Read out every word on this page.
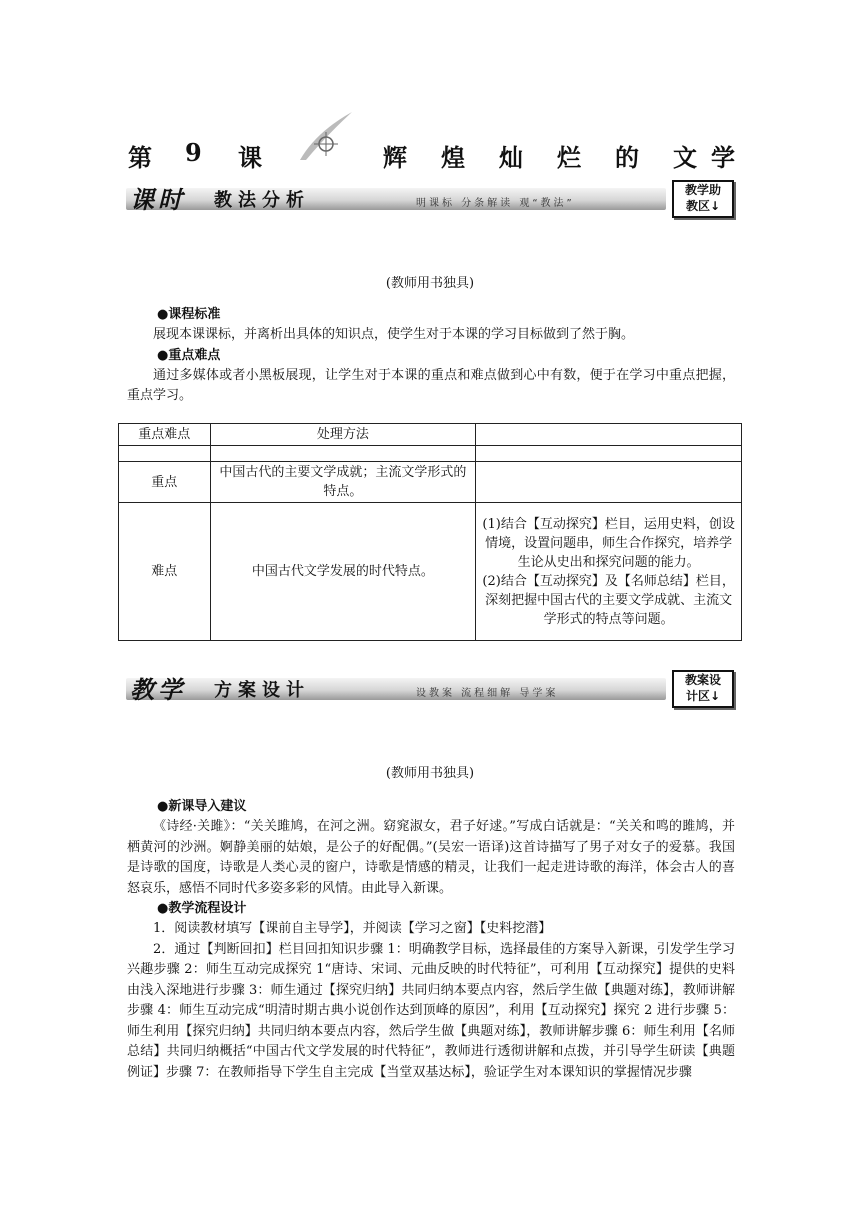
第 9 课	辉 煌 灿 烂 的 文 学
课时 教法分析	明课标 分条解读 观“教法”
教学助
教区↓
(教师用书独具)
●课程标准
展现本课课标，并离析出具体的知识点，使学生对于本课的学习目标做到了然于胸。
●重点难点
通过多媒体或者小黑板展现，让学生对于本课的重点和难点做到心中有数，便于在学习中重点把握，重点学习。
重点难点	处理方法	

重点	中国古代的主要文学成就；主流文学形式的特点。	
难点	中国古代文学发展的时代特点。	(1)结合【互动探究】栏目，运用史料，创设情境，设置问题串，师生合作探究，培养学生论从史出和探究问题的能力。
(2)结合【互动探究】及【名师总结】栏目，深刻把握中国古代的主要文学成就、主流文学形式的特点等问题。
教学 方案设计	设教案 流程细解 导学案
教案设
计区↓
(教师用书独具)
●新课导入建议
《诗经·关雎》：“关关雎鸠，在河之洲。窈窕淑女，君子好逑。”写成白话就是：“关关和鸣的雎鸠，并栖黄河的沙洲。婀静美丽的姑娘，是公子的好配偶。”(吴宏一语译)这首诗描写了男子对女子的爱慕。我国是诗歌的国度，诗歌是人类心灵的窗户，诗歌是情感的精灵，让我们一起走进诗歌的海洋，体会古人的喜怒哀乐，感悟不同时代多姿多彩的风情。由此导入新课。
●教学流程设计
1．阅读教材填写【课前自主导学】，并阅读【学习之窗】【史料挖潜】
2．通过【判断回扣】栏目回扣知识步骤 1：明确教学目标，选择最佳的方案导入新课，引发学生学习兴趣步骤 2：师生互动完成探究 1“唐诗、宋词、元曲反映的时代特征”，可利用【互动探究】提供的史料由浅入深地进行步骤 3：师生通过【探究归纳】共同归纳本要点内容，然后学生做【典题对练】，教师讲解步骤 4：师生互动完成“明清时期古典小说创作达到顶峰的原因”，利用【互动探究】探究 2 进行步骤 5：师生利用【探究归纳】共同归纳本要点内容，然后学生做【典题对练】，教师讲解步骤 6：师生利用【名师总结】共同归纳概括“中国古代文学发展的时代特征”，教师进行透彻讲解和点拨，并引导学生研读【典题例证】步骤 7：在教师指导下学生自主完成【当堂双基达标】，验证学生对本课知识的掌握情况步骤
